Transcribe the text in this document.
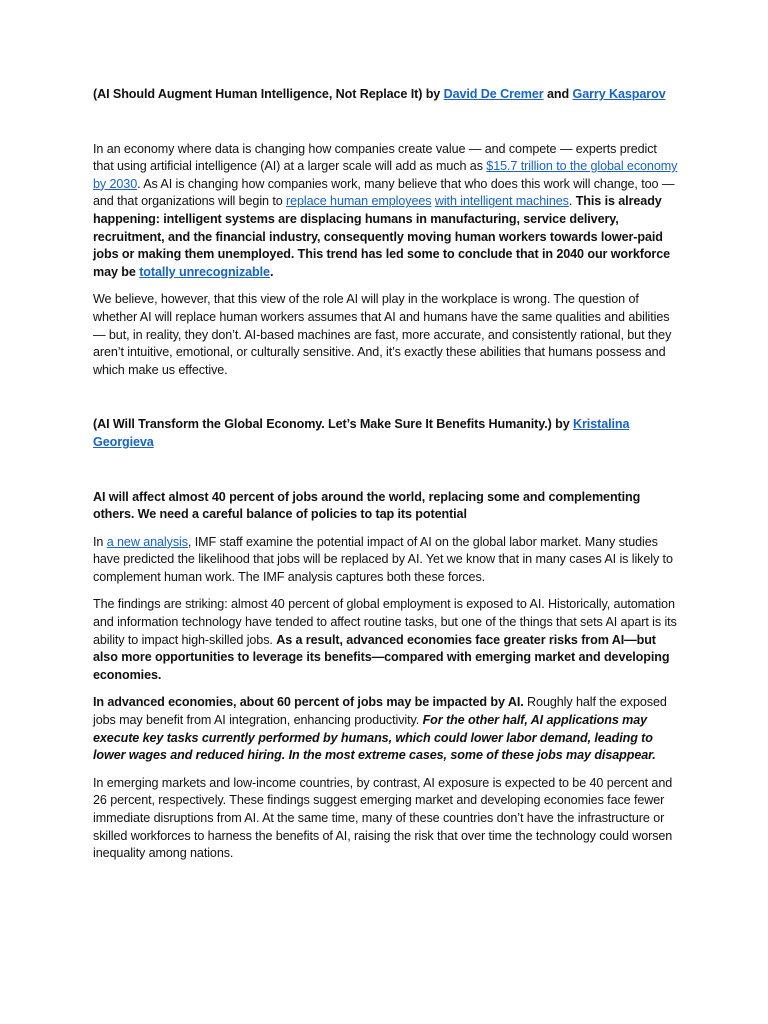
(AI Should Augment Human Intelligence, Not Replace It) by David De Cremer and Garry Kasparov

In an economy where data is changing how companies create value — and compete — experts predict that using artificial intelligence (AI) at a larger scale will add as much as $15.7 trillion to the global economy by 2030. As AI is changing how companies work, many believe that who does this work will change, too — and that organizations will begin to replace human employees with intelligent machines. This is already happening: intelligent systems are displacing humans in manufacturing, service delivery, recruitment, and the financial industry, consequently moving human workers towards lower-paid jobs or making them unemployed. This trend has led some to conclude that in 2040 our workforce may be totally unrecognizable.

We believe, however, that this view of the role AI will play in the workplace is wrong. The question of whether AI will replace human workers assumes that AI and humans have the same qualities and abilities — but, in reality, they don’t. AI-based machines are fast, more accurate, and consistently rational, but they aren’t intuitive, emotional, or culturally sensitive. And, it’s exactly these abilities that humans possess and which make us effective.

(AI Will Transform the Global Economy. Let’s Make Sure It Benefits Humanity.) by Kristalina Georgieva

AI will affect almost 40 percent of jobs around the world, replacing some and complementing others. We need a careful balance of policies to tap its potential

In a new analysis, IMF staff examine the potential impact of AI on the global labor market. Many studies have predicted the likelihood that jobs will be replaced by AI. Yet we know that in many cases AI is likely to complement human work. The IMF analysis captures both these forces.

The findings are striking: almost 40 percent of global employment is exposed to AI. Historically, automation and information technology have tended to affect routine tasks, but one of the things that sets AI apart is its ability to impact high-skilled jobs. As a result, advanced economies face greater risks from AI—but also more opportunities to leverage its benefits—compared with emerging market and developing economies.

In advanced economies, about 60 percent of jobs may be impacted by AI. Roughly half the exposed jobs may benefit from AI integration, enhancing productivity. For the other half, AI applications may execute key tasks currently performed by humans, which could lower labor demand, leading to lower wages and reduced hiring. In the most extreme cases, some of these jobs may disappear.

In emerging markets and low-income countries, by contrast, AI exposure is expected to be 40 percent and 26 percent, respectively. These findings suggest emerging market and developing economies face fewer immediate disruptions from AI. At the same time, many of these countries don’t have the infrastructure or skilled workforces to harness the benefits of AI, raising the risk that over time the technology could worsen inequality among nations.
